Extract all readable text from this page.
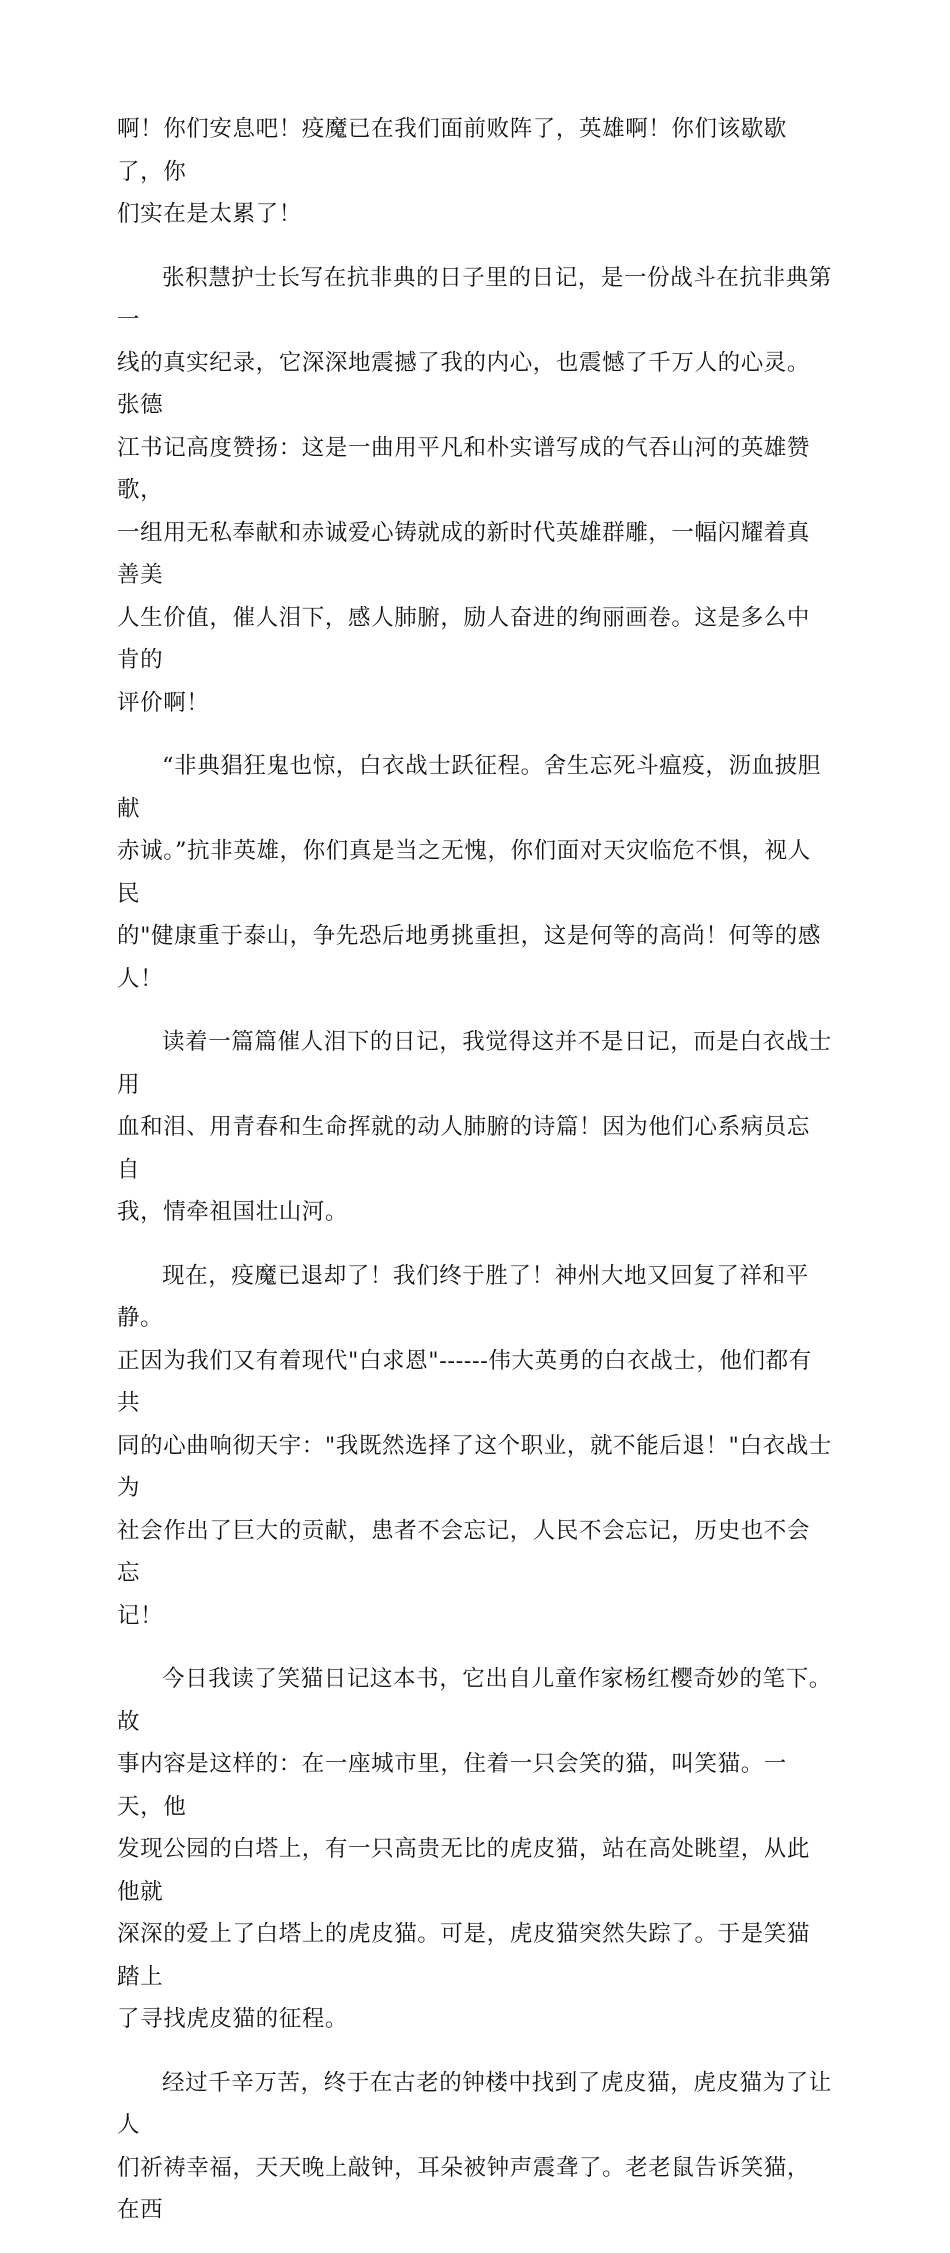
啊！你们安息吧！疫魔已在我们面前败阵了，英雄啊！你们该歇歇了，你
们实在是太累了！

张积慧护士长写在抗非典的日子里的日记，是一份战斗在抗非典第一
线的真实纪录，它深深地震撼了我的内心，也震憾了千万人的心灵。张德
江书记高度赞扬：这是一曲用平凡和朴实谱写成的气吞山河的英雄赞歌，
一组用无私奉献和赤诚爱心铸就成的新时代英雄群雕，一幅闪耀着真善美
人生价值，催人泪下，感人肺腑，励人奋进的绚丽画卷。这是多么中肯的
评价啊！

“非典猖狂鬼也惊，白衣战士跃征程。舍生忘死斗瘟疫，沥血披胆献
赤诚。”抗非英雄，你们真是当之无愧，你们面对天灾临危不惧，视人民
的"健康重于泰山，争先恐后地勇挑重担，这是何等的高尚！何等的感
人！

读着一篇篇催人泪下的日记，我觉得这并不是日记，而是白衣战士用
血和泪、用青春和生命挥就的动人肺腑的诗篇！因为他们心系病员忘自
我，情牵祖国壮山河。

现在，疫魔已退却了！我们终于胜了！神州大地又回复了祥和平静。
正因为我们又有着现代"白求恩"------伟大英勇的白衣战士，他们都有共
同的心曲响彻天宇："我既然选择了这个职业，就不能后退！"白衣战士为
社会作出了巨大的贡献，患者不会忘记，人民不会忘记，历史也不会忘
记！

今日我读了笑猫日记这本书，它出自儿童作家杨红樱奇妙的笔下。故
事内容是这样的：在一座城市里，住着一只会笑的猫，叫笑猫。一天，他
发现公园的白塔上，有一只高贵无比的虎皮猫，站在高处眺望，从此他就
深深的爱上了白塔上的虎皮猫。可是，虎皮猫突然失踪了。于是笑猫踏上
了寻找虎皮猫的征程。

经过千辛万苦，终于在古老的钟楼中找到了虎皮猫，虎皮猫为了让人
们祈祷幸福，天天晚上敲钟，耳朵被钟声震聋了。老老鼠告诉笑猫，在西
